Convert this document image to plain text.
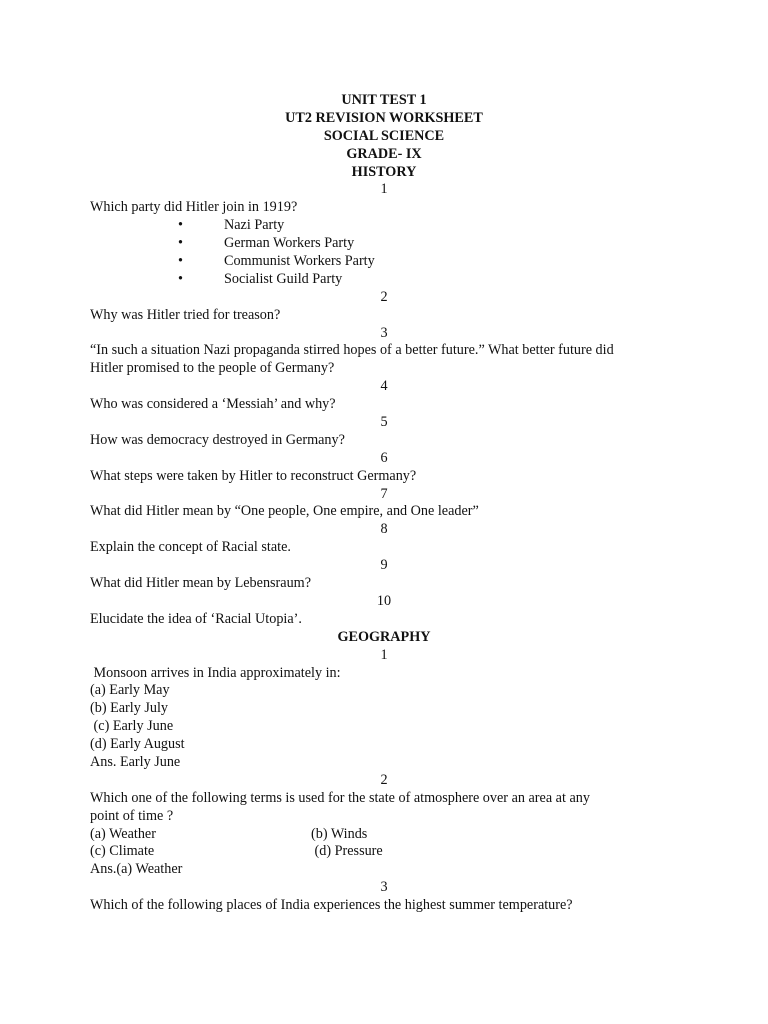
UNIT TEST 1
UT2 REVISION WORKSHEET
SOCIAL SCIENCE
GRADE- IX
HISTORY
1
Which party did Hitler join in 1919?
•	Nazi Party
•	German Workers Party
•	Communist Workers Party
•	Socialist Guild Party
2
Why was Hitler tried for treason?
3
“In such a situation Nazi propaganda stirred hopes of a better future.” What better future did
Hitler promised to the people of Germany?
4
Who was considered a ‘Messiah’ and why?
5
How was democracy destroyed in Germany?
6
What steps were taken by Hitler to reconstruct Germany?
7
What did Hitler mean by “One people, One empire, and One leader”
8
Explain the concept of Racial state.
9
What did Hitler mean by Lebensraum?
10
Elucidate the idea of ‘Racial Utopia’.
GEOGRAPHY
1
Monsoon arrives in India approximately in:
(a) Early May
(b) Early July
(c) Early June
(d) Early August
Ans. Early June
2
Which one of the following terms is used for the state of atmosphere over an area at any
point of time ?
(a) Weather	(b) Winds
(c) Climate	(d) Pressure
Ans.(a) Weather
3
Which of the following places of India experiences the highest summer temperature?
